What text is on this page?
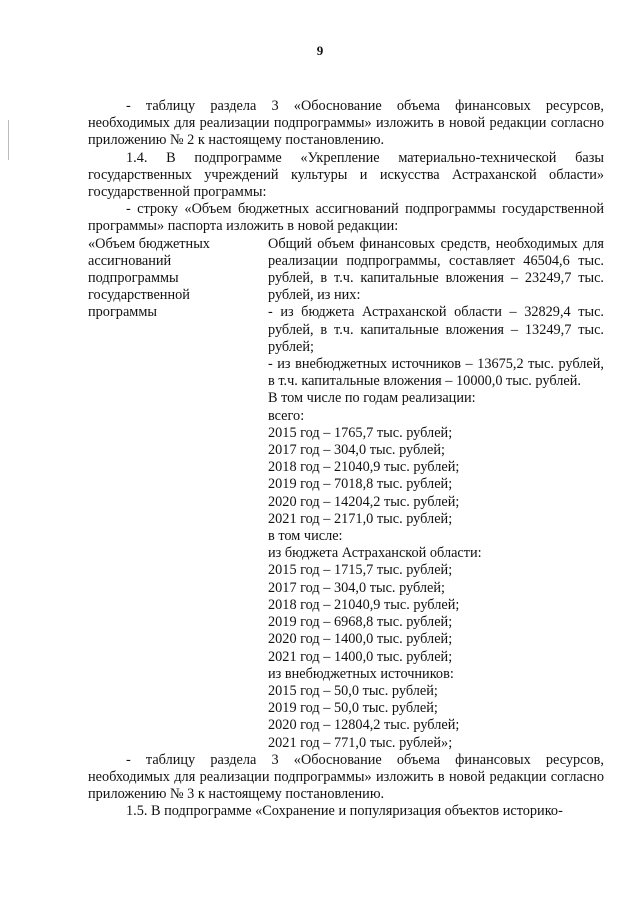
9

- таблицу раздела 3 «Обоснование объема финансовых ресурсов, необходимых для реализации подпрограммы» изложить в новой редакции согласно приложению № 2 к настоящему постановлению.

1.4. В подпрограмме «Укрепление материально-технической базы государственных учреждений культуры и искусства Астраханской области» государственной программы:

- строку «Объем бюджетных ассигнований подпрограммы государственной программы» паспорта изложить в новой редакции:

«Объем бюджетных ассигнований подпрограммы государственной программы
Общий объем финансовых средств, необходимых для реализации подпрограммы, составляет 46504,6 тыс. рублей, в т.ч. капитальные вложения – 23249,7 тыс. рублей, из них:
- из бюджета Астраханской области – 32829,4 тыс. рублей, в т.ч. капитальные вложения – 13249,7 тыс. рублей;
- из внебюджетных источников – 13675,2 тыс. рублей, в т.ч. капитальные вложения – 10000,0 тыс. рублей.
В том числе по годам реализации:
всего:
2015 год – 1765,7 тыс. рублей;
2017 год – 304,0 тыс. рублей;
2018 год – 21040,9 тыс. рублей;
2019 год – 7018,8 тыс. рублей;
2020 год – 14204,2 тыс. рублей;
2021 год – 2171,0 тыс. рублей;
в том числе:
из бюджета Астраханской области:
2015 год – 1715,7 тыс. рублей;
2017 год – 304,0 тыс. рублей;
2018 год – 21040,9 тыс. рублей;
2019 год – 6968,8 тыс. рублей;
2020 год – 1400,0 тыс. рублей;
2021 год – 1400,0 тыс. рублей;
из внебюджетных источников:
2015 год – 50,0 тыс. рублей;
2019 год – 50,0 тыс. рублей;
2020 год – 12804,2 тыс. рублей;
2021 год – 771,0 тыс. рублей»;

- таблицу раздела 3 «Обоснование объема финансовых ресурсов, необходимых для реализации подпрограммы» изложить в новой редакции согласно приложению № 3 к настоящему постановлению.

1.5. В подпрограмме «Сохранение и популяризация объектов историко-
